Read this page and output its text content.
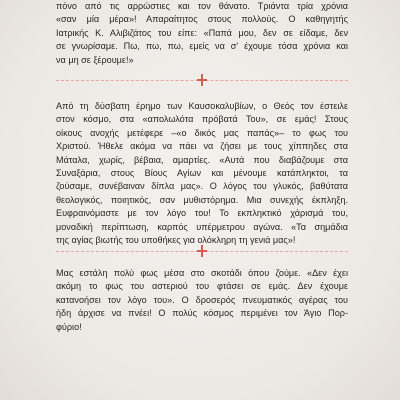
πόνο από τις αρρώστιες και τον θάνατο. Τριάντα τρία χρόνια
«σαν μία μέρα»! Απαραίτητος στους πολλούς. Ο καθηγητής
Ιατρικής Κ. Αλιβιζάτος του είπε: «Παπά μου, δεν σε είδαμε, δεν
σε γνωρίσαμε. Πω, πω, πω, εμείς να σ' έχουμε τόσα χρόνια και
να μη σε ξέρουμε!»

Από τη δύσβατη έρημο των Καυσοκαλυβίων, ο Θεός τον έστειλε
στον κόσμο, στα «απολωλότα πρόβατά Του», σε εμάς! Στους
οίκους ανοχής μετέφερε –«ο δικός μας παπάς»– το φως του
Χριστού. Ήθελε ακόμα να πάει να ζήσει με τους χίππηδες στα
Μάταλα, χωρίς, βέβαια, αμαρτίες. «Αυτά που διαβάζουμε στα
Συναξάρια, στους Βίους Αγίων και μένουμε κατάπληκτοι, τα
ζούσαμε, συνέβαιναν δίπλα μας». Ο λόγος του γλυκός, βαθύτατα
θεολογικός, ποιητικός, σαν μυθιστόρημα. Μια συνεχής έκπληξη.
Ευφραινόμαστε με τον λόγο του! Το εκπληκτικό χάρισμά του,
μοναδική περίπτωση, καρπός υπέρμετρου αγώνα. «Τα σημάδια
της αγίας βιωτής του υποθήκες για ολόκληρη τη γενιά μας»!

Μας εστάλη πολύ φως μέσα στο σκοτάδι όπου ζούμε. «Δεν έχει
ακόμη το φως του αστεριού του φτάσει σε εμάς. Δεν έχουμε
κατανοήσει τον λόγο του». Ο δροσερός πνευματικός αγέρας του
ήδη άρχισε να πνέει! Ο πολύς κόσμος περιμένει τον Άγιο Πορ-
φύριο!
